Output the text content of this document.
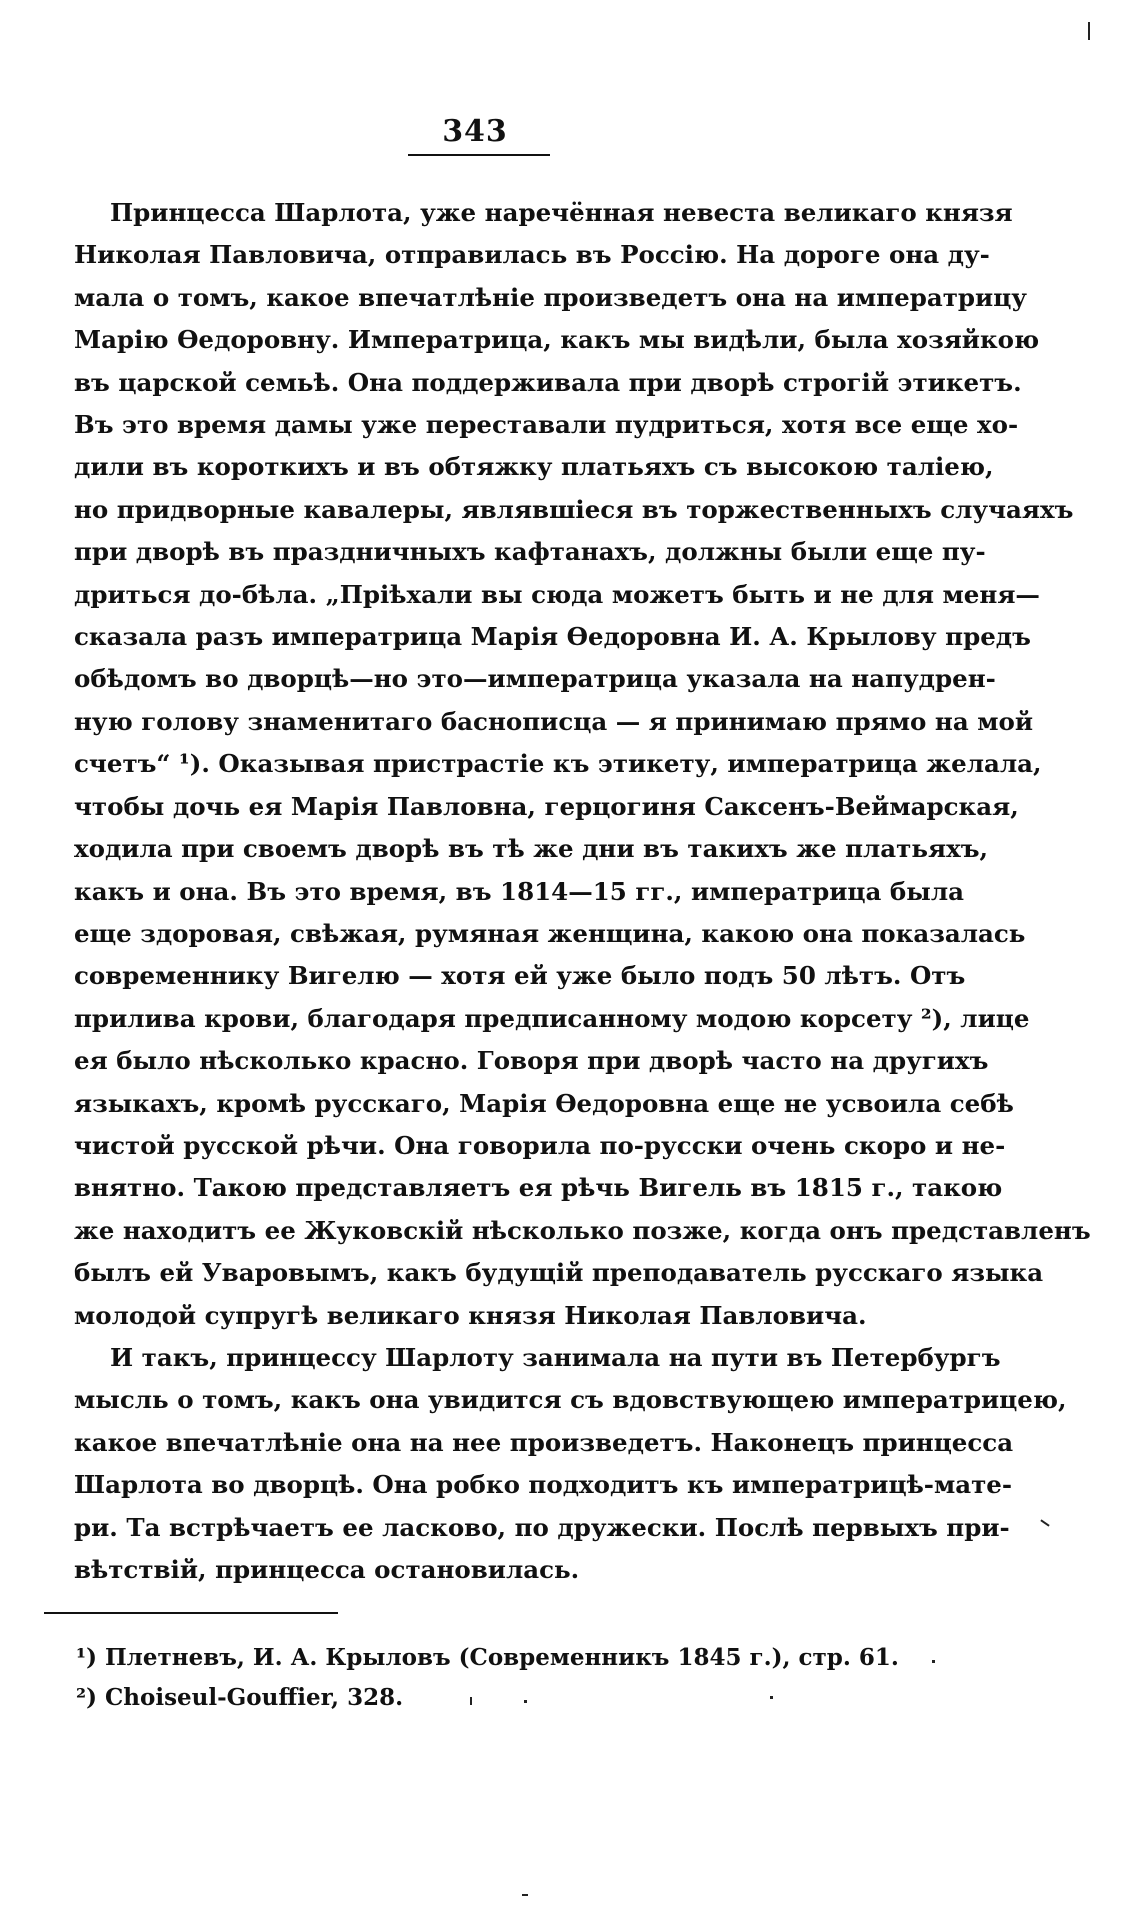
343

Принцесса Шарлота, уже наречённая невеста великаго князя
Николая Павловича, отправилась въ Россію. На дороге она ду-
мала о томъ, какое впечатлѣніе произведетъ она на императрицу
Марію Ѳедоровну. Императрица, какъ мы видѣли, была хозяйкою
въ царской семьѣ. Она поддерживала при дворѣ строгій этикетъ.
Въ это время дамы уже переставали пудриться, хотя все еще хо-
дили въ короткихъ и въ обтяжку платьяхъ съ высокою таліею,
но придворные кавалеры, являвшіеся въ торжественныхъ случаяхъ
при дворѣ въ праздничныхъ кафтанахъ, должны были еще пу-
дриться до-бѣла. „Пріѣхали вы сюда можетъ быть и не для меня—
сказала разъ императрица Марія Ѳедоровна И. А. Крылову предъ
обѣдомъ во дворцѣ—но это—императрица указала на напудрен-
ную голову знаменитаго баснописца — я принимаю прямо на мой
счетъ“ ¹). Оказывая пристрастіе къ этикету, императрица желала,
чтобы дочь ея Марія Павловна, герцогиня Саксенъ-Веймарская,
ходила при своемъ дворѣ въ тѣ же дни въ такихъ же платьяхъ,
какъ и она. Въ это время, въ 1814—15 гг., императрица была
еще здоровая, свѣжая, румяная женщина, какою она показалась
современнику Вигелю — хотя ей уже было подъ 50 лѣтъ. Отъ
прилива крови, благодаря предписанному модою корсету ²), лице
ея было нѣсколько красно. Говоря при дворѣ часто на другихъ
языкахъ, кромѣ русскаго, Марія Ѳедоровна еще не усвоила себѣ
чистой русской рѣчи. Она говорила по-русски очень скоро и не-
внятно. Такою представляетъ ея рѣчь Вигель въ 1815 г., такою
же находитъ ее Жуковскій нѣсколько позже, когда онъ представленъ
былъ ей Уваровымъ, какъ будущій преподаватель русскаго языка
молодой супругѣ великаго князя Николая Павловича.

И такъ, принцессу Шарлоту занимала на пути въ Петербургъ
мысль о томъ, какъ она увидится съ вдовствующею императрицею,
какое впечатлѣніе она на нее произведетъ. Наконецъ принцесса
Шарлота во дворцѣ. Она робко подходитъ къ императрицѣ-мате-
ри. Та встрѣчаетъ ее ласково, по дружески. Послѣ первыхъ при-
вѣтствій, принцесса остановилась.

¹) Плетневъ, И. А. Крыловъ (Современникъ 1845 г.), стр. 61.
²) Choiseul-Gouffier, 328.
